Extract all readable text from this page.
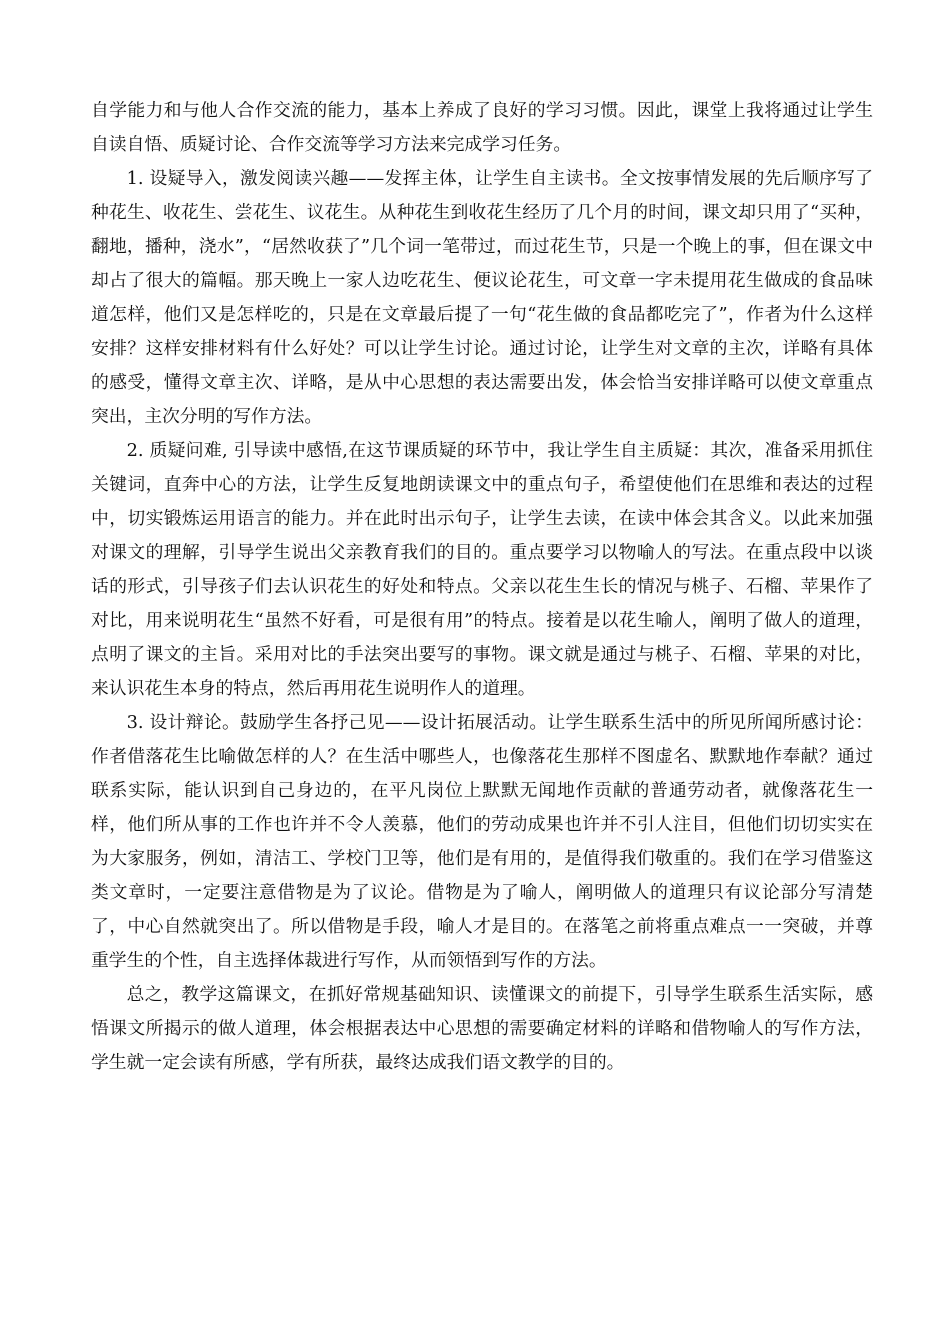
自学能力和与他人合作交流的能力，基本上养成了良好的学习习惯。因此，课堂上我将通过让学生自读自悟、质疑讨论、合作交流等学习方法来完成学习任务。

1. 设疑导入，激发阅读兴趣——发挥主体，让学生自主读书。全文按事情发展的先后顺序写了种花生、收花生、尝花生、议花生。从种花生到收花生经历了几个月的时间，课文却只用了“买种，翻地，播种，浇水”，“居然收获了”几个词一笔带过，而过花生节，只是一个晚上的事，但在课文中却占了很大的篇幅。那天晚上一家人边吃花生、便议论花生，可文章一字未提用花生做成的食品味道怎样，他们又是怎样吃的，只是在文章最后提了一句“花生做的食品都吃完了”，作者为什么这样安排？这样安排材料有什么好处？可以让学生讨论。通过讨论，让学生对文章的主次，详略有具体的感受，懂得文章主次、详略，是从中心思想的表达需要出发，体会恰当安排详略可以使文章重点突出，主次分明的写作方法。

2. 质疑问难, 引导读中感悟,在这节课质疑的环节中，我让学生自主质疑：其次，准备采用抓住关键词，直奔中心的方法，让学生反复地朗读课文中的重点句子，希望使他们在思维和表达的过程中，切实锻炼运用语言的能力。并在此时出示句子，让学生去读，在读中体会其含义。以此来加强对课文的理解，引导学生说出父亲教育我们的目的。重点要学习以物喻人的写法。在重点段中以谈话的形式，引导孩子们去认识花生的好处和特点。父亲以花生生长的情况与桃子、石榴、苹果作了对比，用来说明花生“虽然不好看，可是很有用”的特点。接着是以花生喻人，阐明了做人的道理，点明了课文的主旨。采用对比的手法突出要写的事物。课文就是通过与桃子、石榴、苹果的对比，来认识花生本身的特点，然后再用花生说明作人的道理。

3. 设计辩论。鼓励学生各抒己见——设计拓展活动。让学生联系生活中的所见所闻所感讨论：作者借落花生比喻做怎样的人？在生活中哪些人，也像落花生那样不图虚名、默默地作奉献？通过联系实际，能认识到自己身边的，在平凡岗位上默默无闻地作贡献的普通劳动者，就像落花生一样，他们所从事的工作也许并不令人羡慕，他们的劳动成果也许并不引人注目，但他们切切实实在为大家服务，例如，清洁工、学校门卫等，他们是有用的，是值得我们敬重的。我们在学习借鉴这类文章时，一定要注意借物是为了议论。借物是为了喻人，阐明做人的道理只有议论部分写清楚了，中心自然就突出了。所以借物是手段，喻人才是目的。在落笔之前将重点难点一一突破，并尊重学生的个性，自主选择体裁进行写作，从而领悟到写作的方法。

总之，教学这篇课文，在抓好常规基础知识、读懂课文的前提下，引导学生联系生活实际，感悟课文所揭示的做人道理，体会根据表达中心思想的需要确定材料的详略和借物喻人的写作方法，学生就一定会读有所感，学有所获，最终达成我们语文教学的目的。
